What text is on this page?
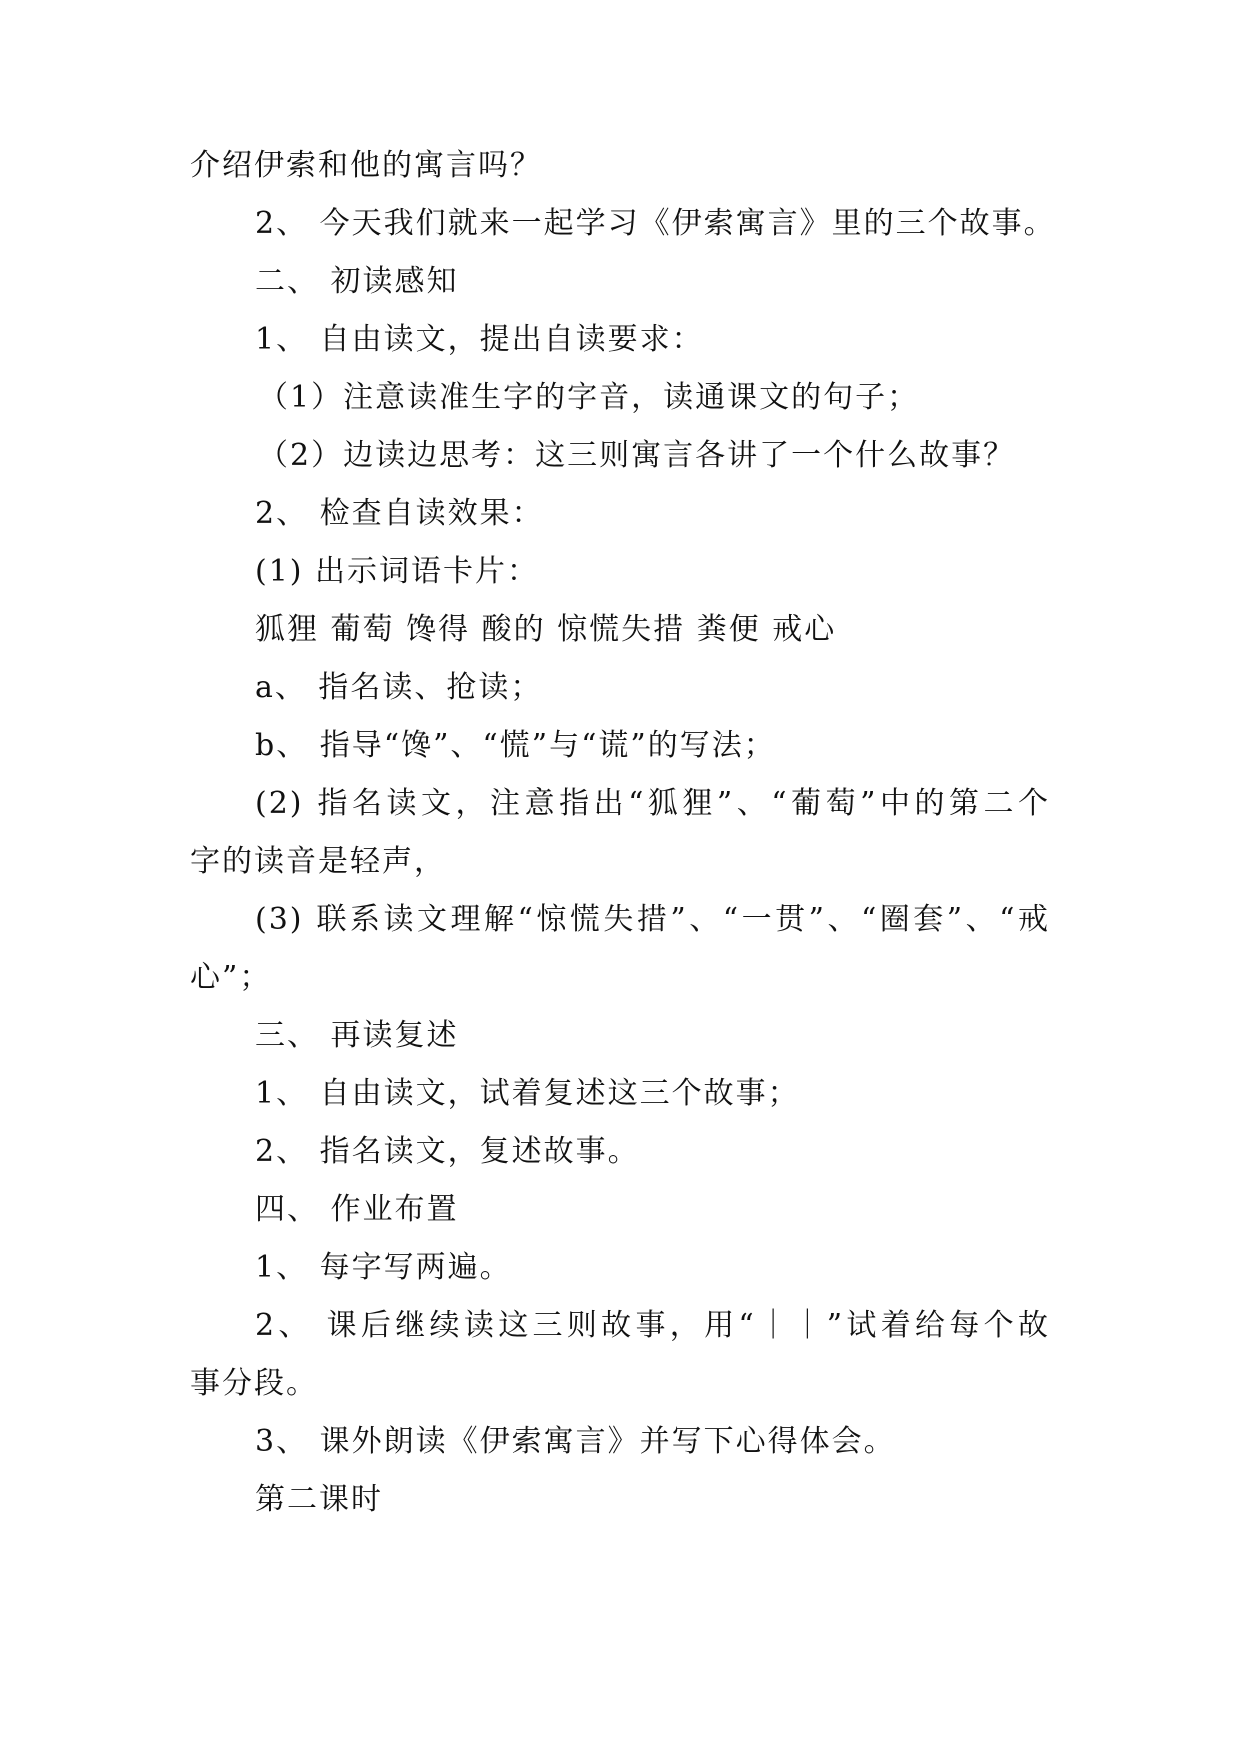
介绍伊索和他的寓言吗？
2、 今天我们就来一起学习《伊索寓言》里的三个故事。
二、 初读感知
1、 自由读文，提出自读要求：
（1）注意读准生字的字音，读通课文的句子；
（2）边读边思考：这三则寓言各讲了一个什么故事？
2、 检查自读效果：
(1) 出示词语卡片：
狐狸 葡萄 馋得 酸的 惊慌失措 粪便 戒心
a、 指名读、抢读；
b、 指导“馋”、“慌”与“谎”的写法；
(2) 指名读文，注意指出“狐狸”、“葡萄”中的第二个
字的读音是轻声，
(3) 联系读文理解“惊慌失措”、“一贯”、“圈套”、“戒
心”；
三、 再读复述
1、 自由读文，试着复述这三个故事；
2、 指名读文，复述故事。
四、 作业布置
1、 每字写两遍。
2、 课后继续读这三则故事，用“｜｜”试着给每个故
事分段。
3、 课外朗读《伊索寓言》并写下心得体会。
第二课时
